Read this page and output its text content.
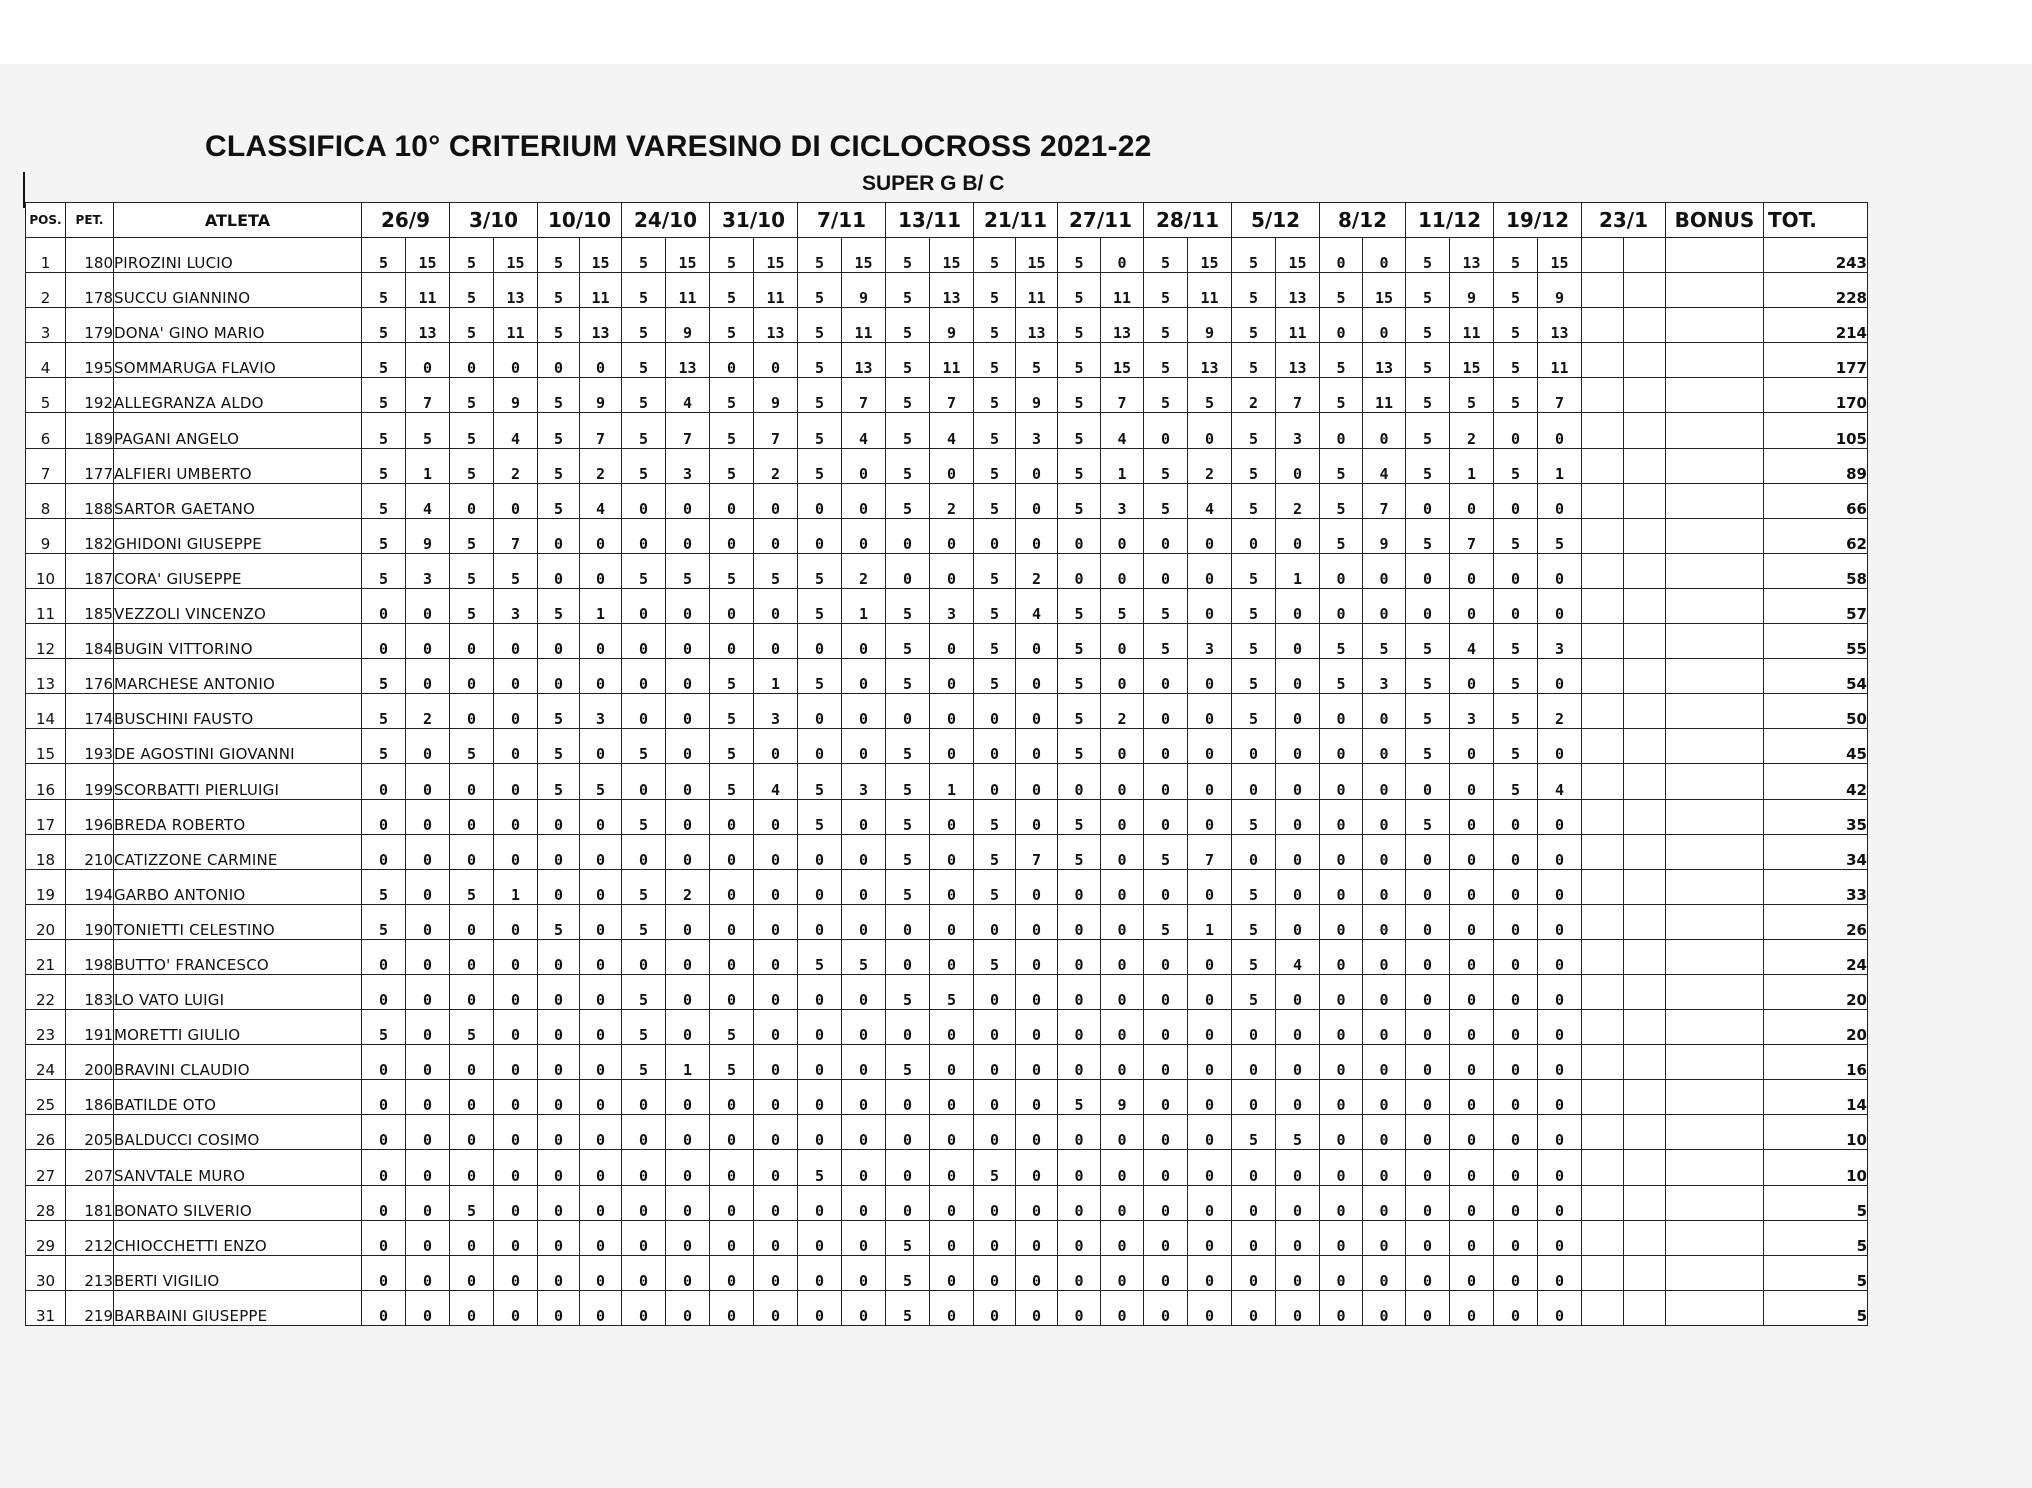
CLASSIFICA 10° CRITERIUM VARESINO DI CICLOCROSS 2021-22
SUPER G B/ C
POS.	PET.	ATLETA	26/9		3/10		10/10		24/10		31/10		7/11		13/11		21/11		27/11		28/11		5/12		8/12		11/12		19/12		23/1		BONUS	TOT.
1	180	PIROZINI LUCIO	5	15	5	15	5	15	5	15	5	15	5	15	5	15	5	15	5	0	5	15	5	15	0	0	5	13	5	15				243
2	178	SUCCU GIANNINO	5	11	5	13	5	11	5	11	5	11	5	9	5	13	5	11	5	11	5	11	5	13	5	15	5	9	5	9				228
3	179	DONA' GINO MARIO	5	13	5	11	5	13	5	9	5	13	5	11	5	9	5	13	5	13	5	9	5	11	0	0	5	11	5	13				214
4	195	SOMMARUGA FLAVIO	5	0	0	0	0	0	5	13	0	0	5	13	5	11	5	5	5	15	5	13	5	13	5	13	5	15	5	11				177
5	192	ALLEGRANZA ALDO	5	7	5	9	5	9	5	4	5	9	5	7	5	7	5	9	5	7	5	5	2	7	5	11	5	5	5	7				170
6	189	PAGANI ANGELO	5	5	5	4	5	7	5	7	5	7	5	4	5	4	5	3	5	4	0	0	5	3	0	0	5	2	0	0				105
7	177	ALFIERI UMBERTO	5	1	5	2	5	2	5	3	5	2	5	0	5	0	5	0	5	1	5	2	5	0	5	4	5	1	5	1				89
8	188	SARTOR GAETANO	5	4	0	0	5	4	0	0	0	0	0	0	5	2	5	0	5	3	5	4	5	2	5	7	0	0	0	0				66
9	182	GHIDONI GIUSEPPE	5	9	5	7	0	0	0	0	0	0	0	0	0	0	0	0	0	0	0	0	0	0	5	9	5	7	5	5				62
10	187	CORA' GIUSEPPE	5	3	5	5	0	0	5	5	5	5	5	2	0	0	5	2	0	0	0	0	5	1	0	0	0	0	0	0				58
11	185	VEZZOLI VINCENZO	0	0	5	3	5	1	0	0	0	0	5	1	5	3	5	4	5	5	5	0	5	0	0	0	0	0	0	0				57
12	184	BUGIN VITTORINO	0	0	0	0	0	0	0	0	0	0	0	0	5	0	5	0	5	0	5	3	5	0	5	5	5	4	5	3				55
13	176	MARCHESE ANTONIO	5	0	0	0	0	0	0	0	5	1	5	0	5	0	5	0	5	0	0	0	5	0	5	3	5	0	5	0				54
14	174	BUSCHINI FAUSTO	5	2	0	0	5	3	0	0	5	3	0	0	0	0	0	0	5	2	0	0	5	0	0	0	5	3	5	2				50
15	193	DE AGOSTINI GIOVANNI	5	0	5	0	5	0	5	0	5	0	0	0	5	0	0	0	5	0	0	0	0	0	0	0	5	0	5	0				45
16	199	SCORBATTI PIERLUIGI	0	0	0	0	5	5	0	0	5	4	5	3	5	1	0	0	0	0	0	0	0	0	0	0	0	0	5	4				42
17	196	BREDA ROBERTO	0	0	0	0	0	0	5	0	0	0	5	0	5	0	5	0	5	0	0	0	5	0	0	0	5	0	0	0				35
18	210	CATIZZONE CARMINE	0	0	0	0	0	0	0	0	0	0	0	0	5	0	5	7	5	0	5	7	0	0	0	0	0	0	0	0				34
19	194	GARBO ANTONIO	5	0	5	1	0	0	5	2	0	0	0	0	5	0	5	0	0	0	0	0	5	0	0	0	0	0	0	0				33
20	190	TONIETTI CELESTINO	5	0	0	0	5	0	5	0	0	0	0	0	0	0	0	0	0	0	5	1	5	0	0	0	0	0	0	0				26
21	198	BUTTO' FRANCESCO	0	0	0	0	0	0	0	0	0	0	5	5	0	0	5	0	0	0	0	0	5	4	0	0	0	0	0	0				24
22	183	LO VATO LUIGI	0	0	0	0	0	0	5	0	0	0	0	0	5	5	0	0	0	0	0	0	5	0	0	0	0	0	0	0				20
23	191	MORETTI GIULIO	5	0	5	0	0	0	5	0	5	0	0	0	0	0	0	0	0	0	0	0	0	0	0	0	0	0	0	0				20
24	200	BRAVINI CLAUDIO	0	0	0	0	0	0	5	1	5	0	0	0	5	0	0	0	0	0	0	0	0	0	0	0	0	0	0	0				16
25	186	BATILDE OTO	0	0	0	0	0	0	0	0	0	0	0	0	0	0	0	0	5	9	0	0	0	0	0	0	0	0	0	0				14
26	205	BALDUCCI COSIMO	0	0	0	0	0	0	0	0	0	0	0	0	0	0	0	0	0	0	0	0	5	5	0	0	0	0	0	0				10
27	207	SANVTALE MURO	0	0	0	0	0	0	0	0	0	0	5	0	0	0	5	0	0	0	0	0	0	0	0	0	0	0	0	0				10
28	181	BONATO SILVERIO	0	0	5	0	0	0	0	0	0	0	0	0	0	0	0	0	0	0	0	0	0	0	0	0	0	0	0	0				5
29	212	CHIOCCHETTI ENZO	0	0	0	0	0	0	0	0	0	0	0	0	5	0	0	0	0	0	0	0	0	0	0	0	0	0	0	0				5
30	213	BERTI VIGILIO	0	0	0	0	0	0	0	0	0	0	0	0	5	0	0	0	0	0	0	0	0	0	0	0	0	0	0	0				5
31	219	BARBAINI GIUSEPPE	0	0	0	0	0	0	0	0	0	0	0	0	5	0	0	0	0	0	0	0	0	0	0	0	0	0	0	0				5
